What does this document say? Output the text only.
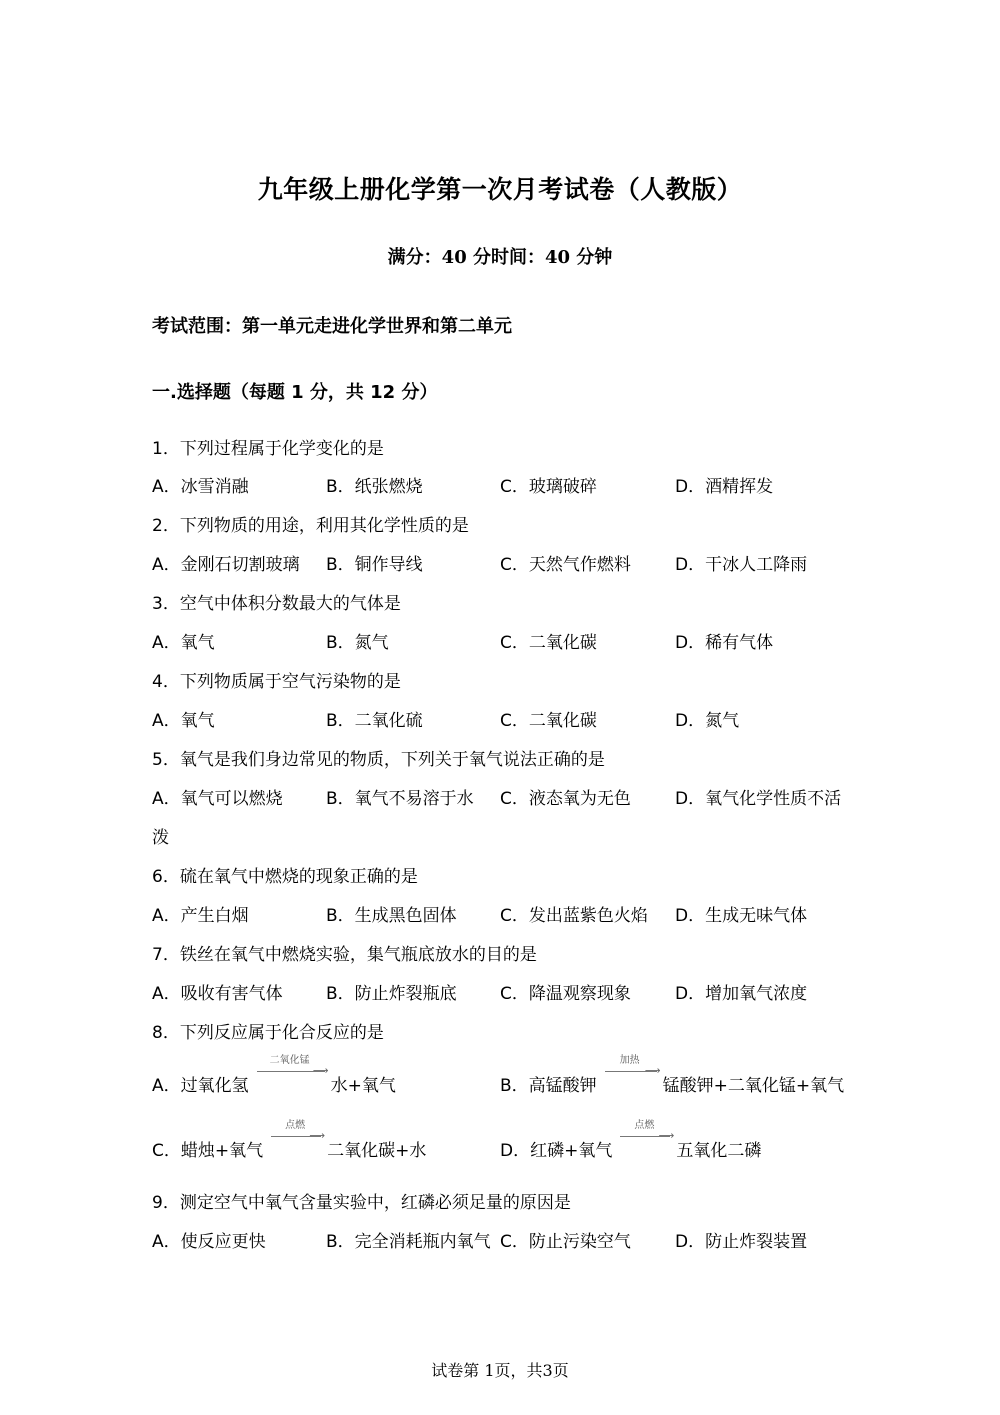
九年级上册化学第一次月考试卷（人教版）
满分：40 分时间：40 分钟
考试范围：第一单元走进化学世界和第二单元
一.选择题（每题 1 分，共 12 分）
1．下列过程属于化学变化的是
A．冰雪消融	B．纸张燃烧	C．玻璃破碎	D．酒精挥发
2．下列物质的用途，利用其化学性质的是
A．金刚石切割玻璃 B．铜作导线	C．天然气作燃料	D．干冰人工降雨
3．空气中体积分数最大的气体是
A．氧气	B．氮气	C．二氧化碳	D．稀有气体
4．下列物质属于空气污染物的是
A．氧气	B．二氧化硫	C．二氧化碳	D．氮气
5．氧气是我们身边常见的物质，下列关于氧气说法正确的是
A．氧气可以燃烧	B．氧气不易溶于水 C．液态氧为无色	D．氧气化学性质不活
泼
6．硫在氧气中燃烧的现象正确的是
A．产生白烟	B．生成黑色固体	C．发出蓝紫色火焰 D．生成无味气体
7．铁丝在氧气中燃烧实验，集气瓶底放水的目的是
A．吸收有害气体	B．防止炸裂瓶底	C．降温观察现象	D．增加氧气浓度
8．下列反应属于化合反应的是
A．过氧化氢
二氧化锰
⟶
水+氧气	B．高锰酸钾
加热
⟶
锰酸钾+二氧化锰+氧气
C．蜡烛+氧气
点燃
⟶
二氧化碳+水	D．红磷+氧气
点燃
⟶
五氧化二磷
9．测定空气中氧气含量实验中，红磷必须足量的原因是
A．使反应更快	B．完全消耗瓶内氧气 C．防止污染空气	D．防止炸裂装置
试卷第 1页，共3页
